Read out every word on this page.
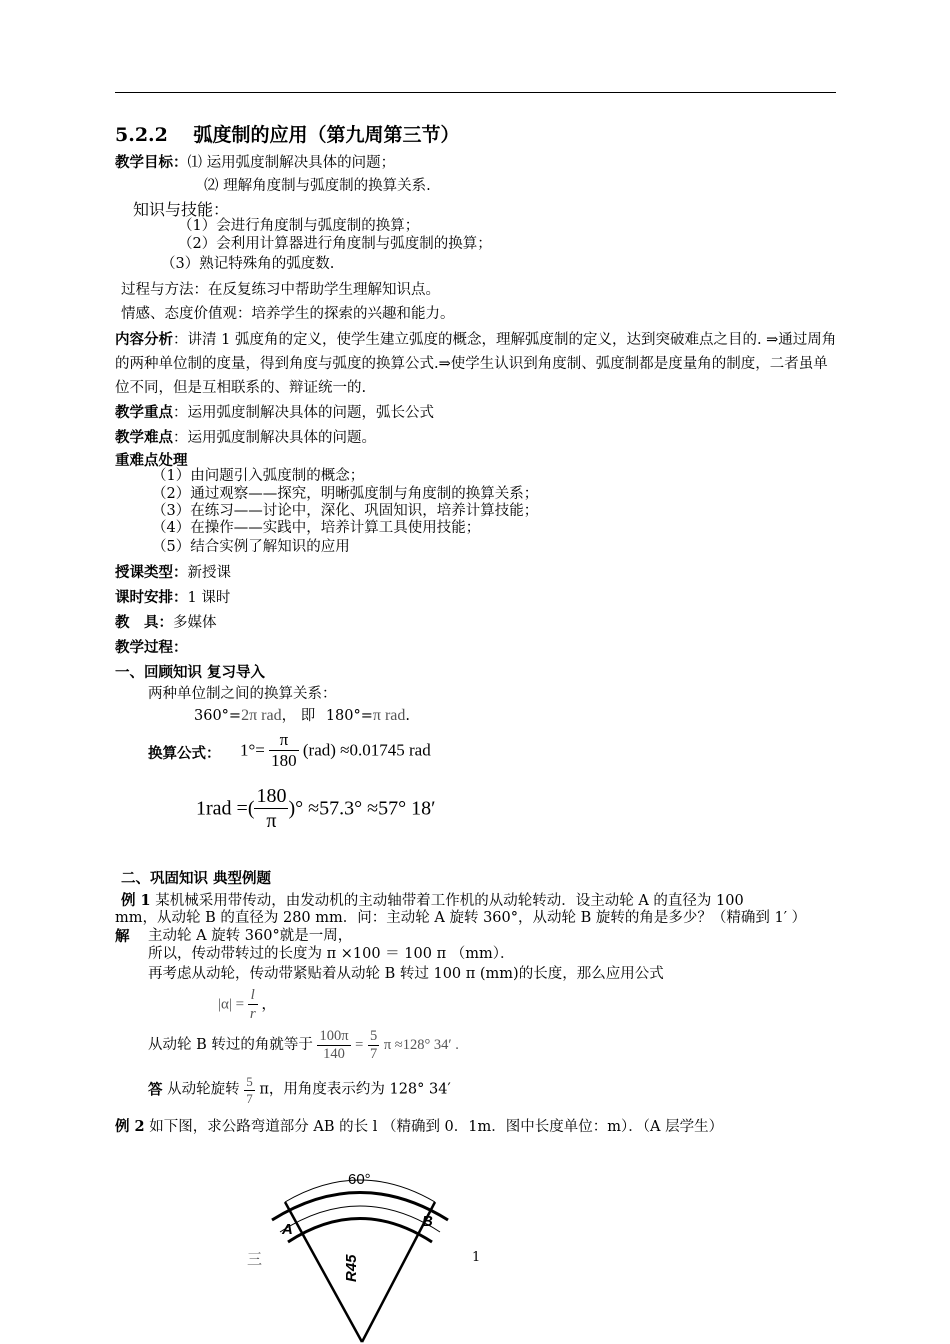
5.2.2　 弧度制的应用（第九周第三节）
教学目标：⑴ 运用弧度制解决具体的问题；
⑵ 理解角度制与弧度制的换算关系.
知识与技能：
（1）会进行角度制与弧度制的换算；
（2）会利用计算器进行角度制与弧度制的换算；
（3）熟记特殊角的弧度数.
过程与方法：在反复练习中帮助学生理解知识点。
情感、态度价值观：培养学生的探索的兴趣和能力。
内容分析：讲清 1 弧度角的定义，使学生建立弧度的概念，理解弧度制的定义，达到突破难点之目的. ⇒通过周角的两种单位制的度量，得到角度与弧度的换算公式.⇒使学生认识到角度制、弧度制都是度量角的制度，二者虽单位不同，但是互相联系的、辩证统一的.
教学重点：运用弧度制解决具体的问题，弧长公式
教学难点：运用弧度制解决具体的问题。
重难点处理
（1）由问题引入弧度制的概念；
（2）通过观察——探究，明晰弧度制与角度制的换算关系；
（3）在练习——讨论中，深化、巩固知识，培养计算技能；
（4）在操作——实践中，培养计算工具使用技能；
（5）结合实例了解知识的应用
授课类型：新授课
课时安排：1 课时
教　具：多媒体
教学过程：
一、回顾知识 复习导入
两种单位制之间的换算关系：
360°=2π rad， 即 180°=π rad.
换算公式： $1^\circ= \frac{\pi}{180} (rad) \approx 0.01745$ rad
1rad =( $\frac{180}{\pi}$ )° ≈57.3° ≈57° 18′
二、巩固知识 典型例题
例 1 某机械采用带传动，由发动机的主动轴带着工作机的从动轮转动．设主动轮 A 的直径为 100
mm，从动轮 B 的直径为 280 mm．问：主动轮 A 旋转 360°，从动轮 B 旋转的角是多少？（精确到 1′ ）
解 主动轮 A 旋转 360°就是一周，
所以，传动带转过的长度为 π ×100 ＝ 100 π （mm）．
再考虑从动轮，传动带紧贴着从动轮 B 转过 100 π (mm)的长度，那么应用公式
$|\alpha| = \frac{l}{r}$ ，
从动轮 B 转过的角就等于 $\frac{100\pi}{140} = \frac{5}{7}$ π ≈128° 34′ .
答 从动轮旋转 $\frac{5}{7}$ π，用角度表示约为 128° 34′
例 2 如下图，求公路弯道部分 AB 的长 l （精确到 0．1m．图中长度单位：m）．（A 层学生）
60°
A	B
R45
三	1
